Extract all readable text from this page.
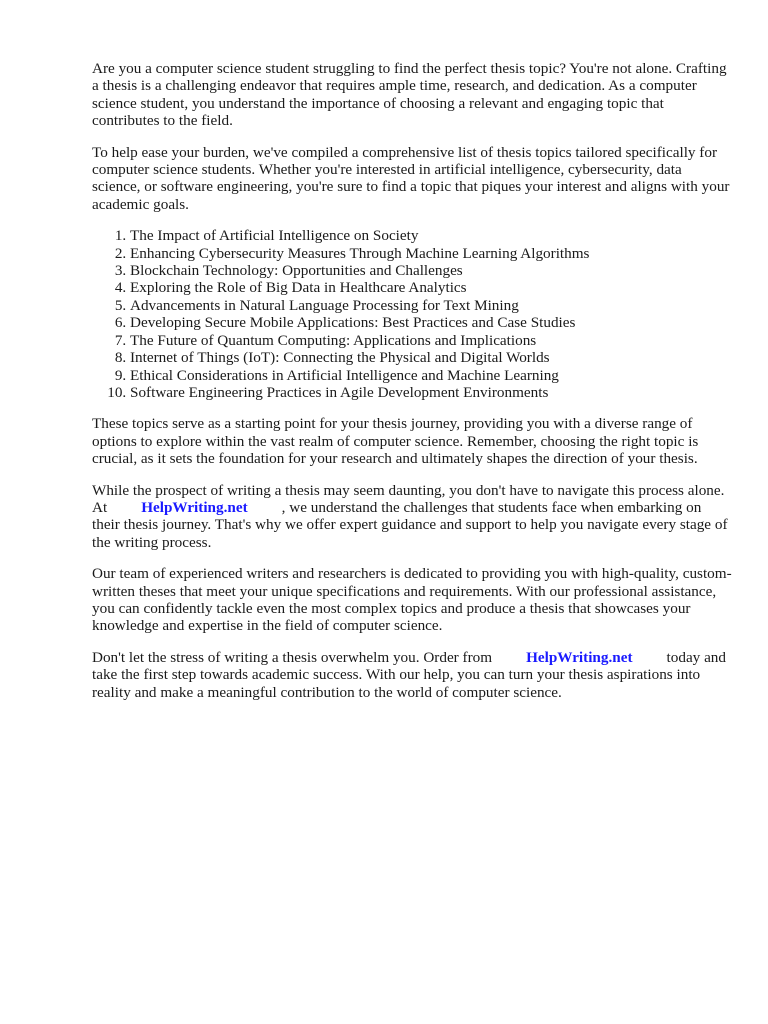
Are you a computer science student struggling to find the perfect thesis topic? You're not alone. Crafting a thesis is a challenging endeavor that requires ample time, research, and dedication. As a computer science student, you understand the importance of choosing a relevant and engaging topic that contributes to the field.

To help ease your burden, we've compiled a comprehensive list of thesis topics tailored specifically for computer science students. Whether you're interested in artificial intelligence, cybersecurity, data science, or software engineering, you're sure to find a topic that piques your interest and aligns with your academic goals.

1. The Impact of Artificial Intelligence on Society
2. Enhancing Cybersecurity Measures Through Machine Learning Algorithms
3. Blockchain Technology: Opportunities and Challenges
4. Exploring the Role of Big Data in Healthcare Analytics
5. Advancements in Natural Language Processing for Text Mining
6. Developing Secure Mobile Applications: Best Practices and Case Studies
7. The Future of Quantum Computing: Applications and Implications
8. Internet of Things (IoT): Connecting the Physical and Digital Worlds
9. Ethical Considerations in Artificial Intelligence and Machine Learning
10. Software Engineering Practices in Agile Development Environments

These topics serve as a starting point for your thesis journey, providing you with a diverse range of options to explore within the vast realm of computer science. Remember, choosing the right topic is crucial, as it sets the foundation for your research and ultimately shapes the direction of your thesis.

While the prospect of writing a thesis may seem daunting, you don't have to navigate this process alone. At HelpWriting.net , we understand the challenges that students face when embarking on their thesis journey. That's why we offer expert guidance and support to help you navigate every stage of the writing process.

Our team of experienced writers and researchers is dedicated to providing you with high-quality, custom-written theses that meet your unique specifications and requirements. With our professional assistance, you can confidently tackle even the most complex topics and produce a thesis that showcases your knowledge and expertise in the field of computer science.

Don't let the stress of writing a thesis overwhelm you. Order from HelpWriting.net today and take the first step towards academic success. With our help, you can turn your thesis aspirations into reality and make a meaningful contribution to the world of computer science.
